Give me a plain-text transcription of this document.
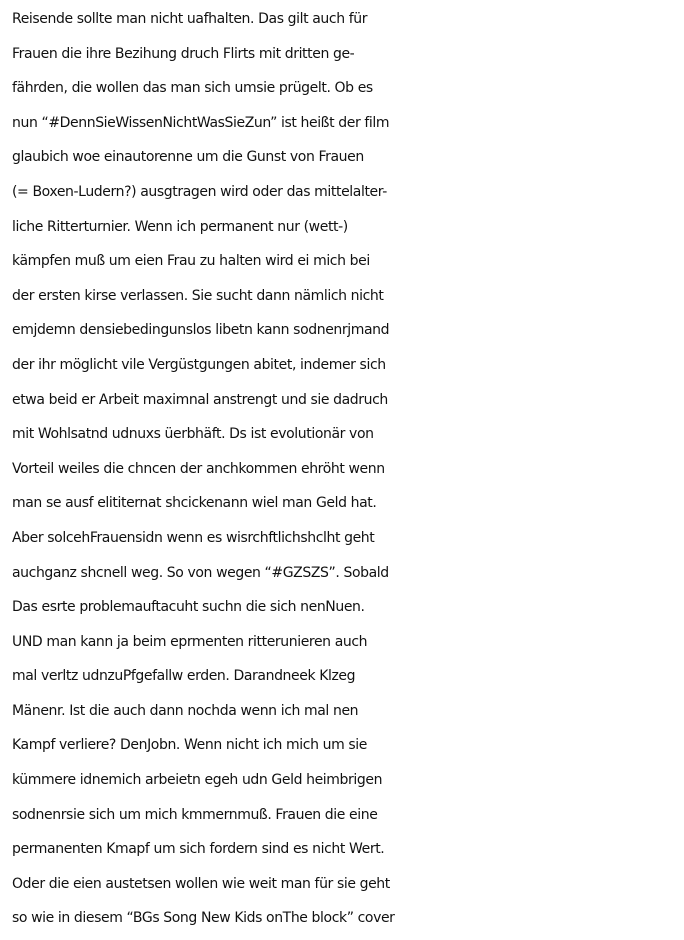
Reisende sollte man nicht uafhalten. Das gilt auch für
Frauen die ihre Bezihung druch Flirts mit dritten ge-
fährden, die wollen das man sich umsie prügelt. Ob es
nun “#DennSieWissenNichtWasSieZun” ist heißt der film
glaubich woe einautorenne um die Gunst von Frauen
(= Boxen-Ludern?) ausgtragen wird oder das mittelalter-
liche Ritterturnier. Wenn ich permanent nur (wett-)
kämpfen muß um eien Frau zu halten wird ei mich bei
der ersten kirse verlassen. Sie sucht dann nämlich nicht
emjdemn densiebedingunslos libetn kann sodnenrjmand
der ihr möglicht vile Vergüstgungen abitet, indemer sich
etwa beid er Arbeit maximnal anstrengt und sie dadruch
mit Wohlsatnd udnuxs üerbhäft. Ds ist evolutionär von
Vorteil weiles die chncen der anchkommen ehröht wenn
man se ausf elititernat shcickenann wiel man Geld hat.
Aber solcehFrauensidn wenn es wisrchftlichshclht geht
auchganz shcnell weg. So von wegen “#GZSZS”. Sobald
Das esrte problemauftacuht suchn die sich nenNuen.
UND man kann ja beim eprmenten ritterunieren auch
mal verltz udnzuPfgefallw erden. Darandneek Klzeg
Mänenr. Ist die auch dann nochda wenn ich mal nen
Kampf verliere? DenJobn. Wenn nicht ich mich um sie
kümmere idnemich arbeietn egeh udn Geld heimbrigen
sodnenrsie sich um mich kmmernmuß. Frauen die eine
permanenten Kmapf um sich fordern sind es nicht Wert.
Oder die eien austetsen wollen wie weit man für sie geht
so wie in diesem “BGs Song New Kids onThe block” cover
